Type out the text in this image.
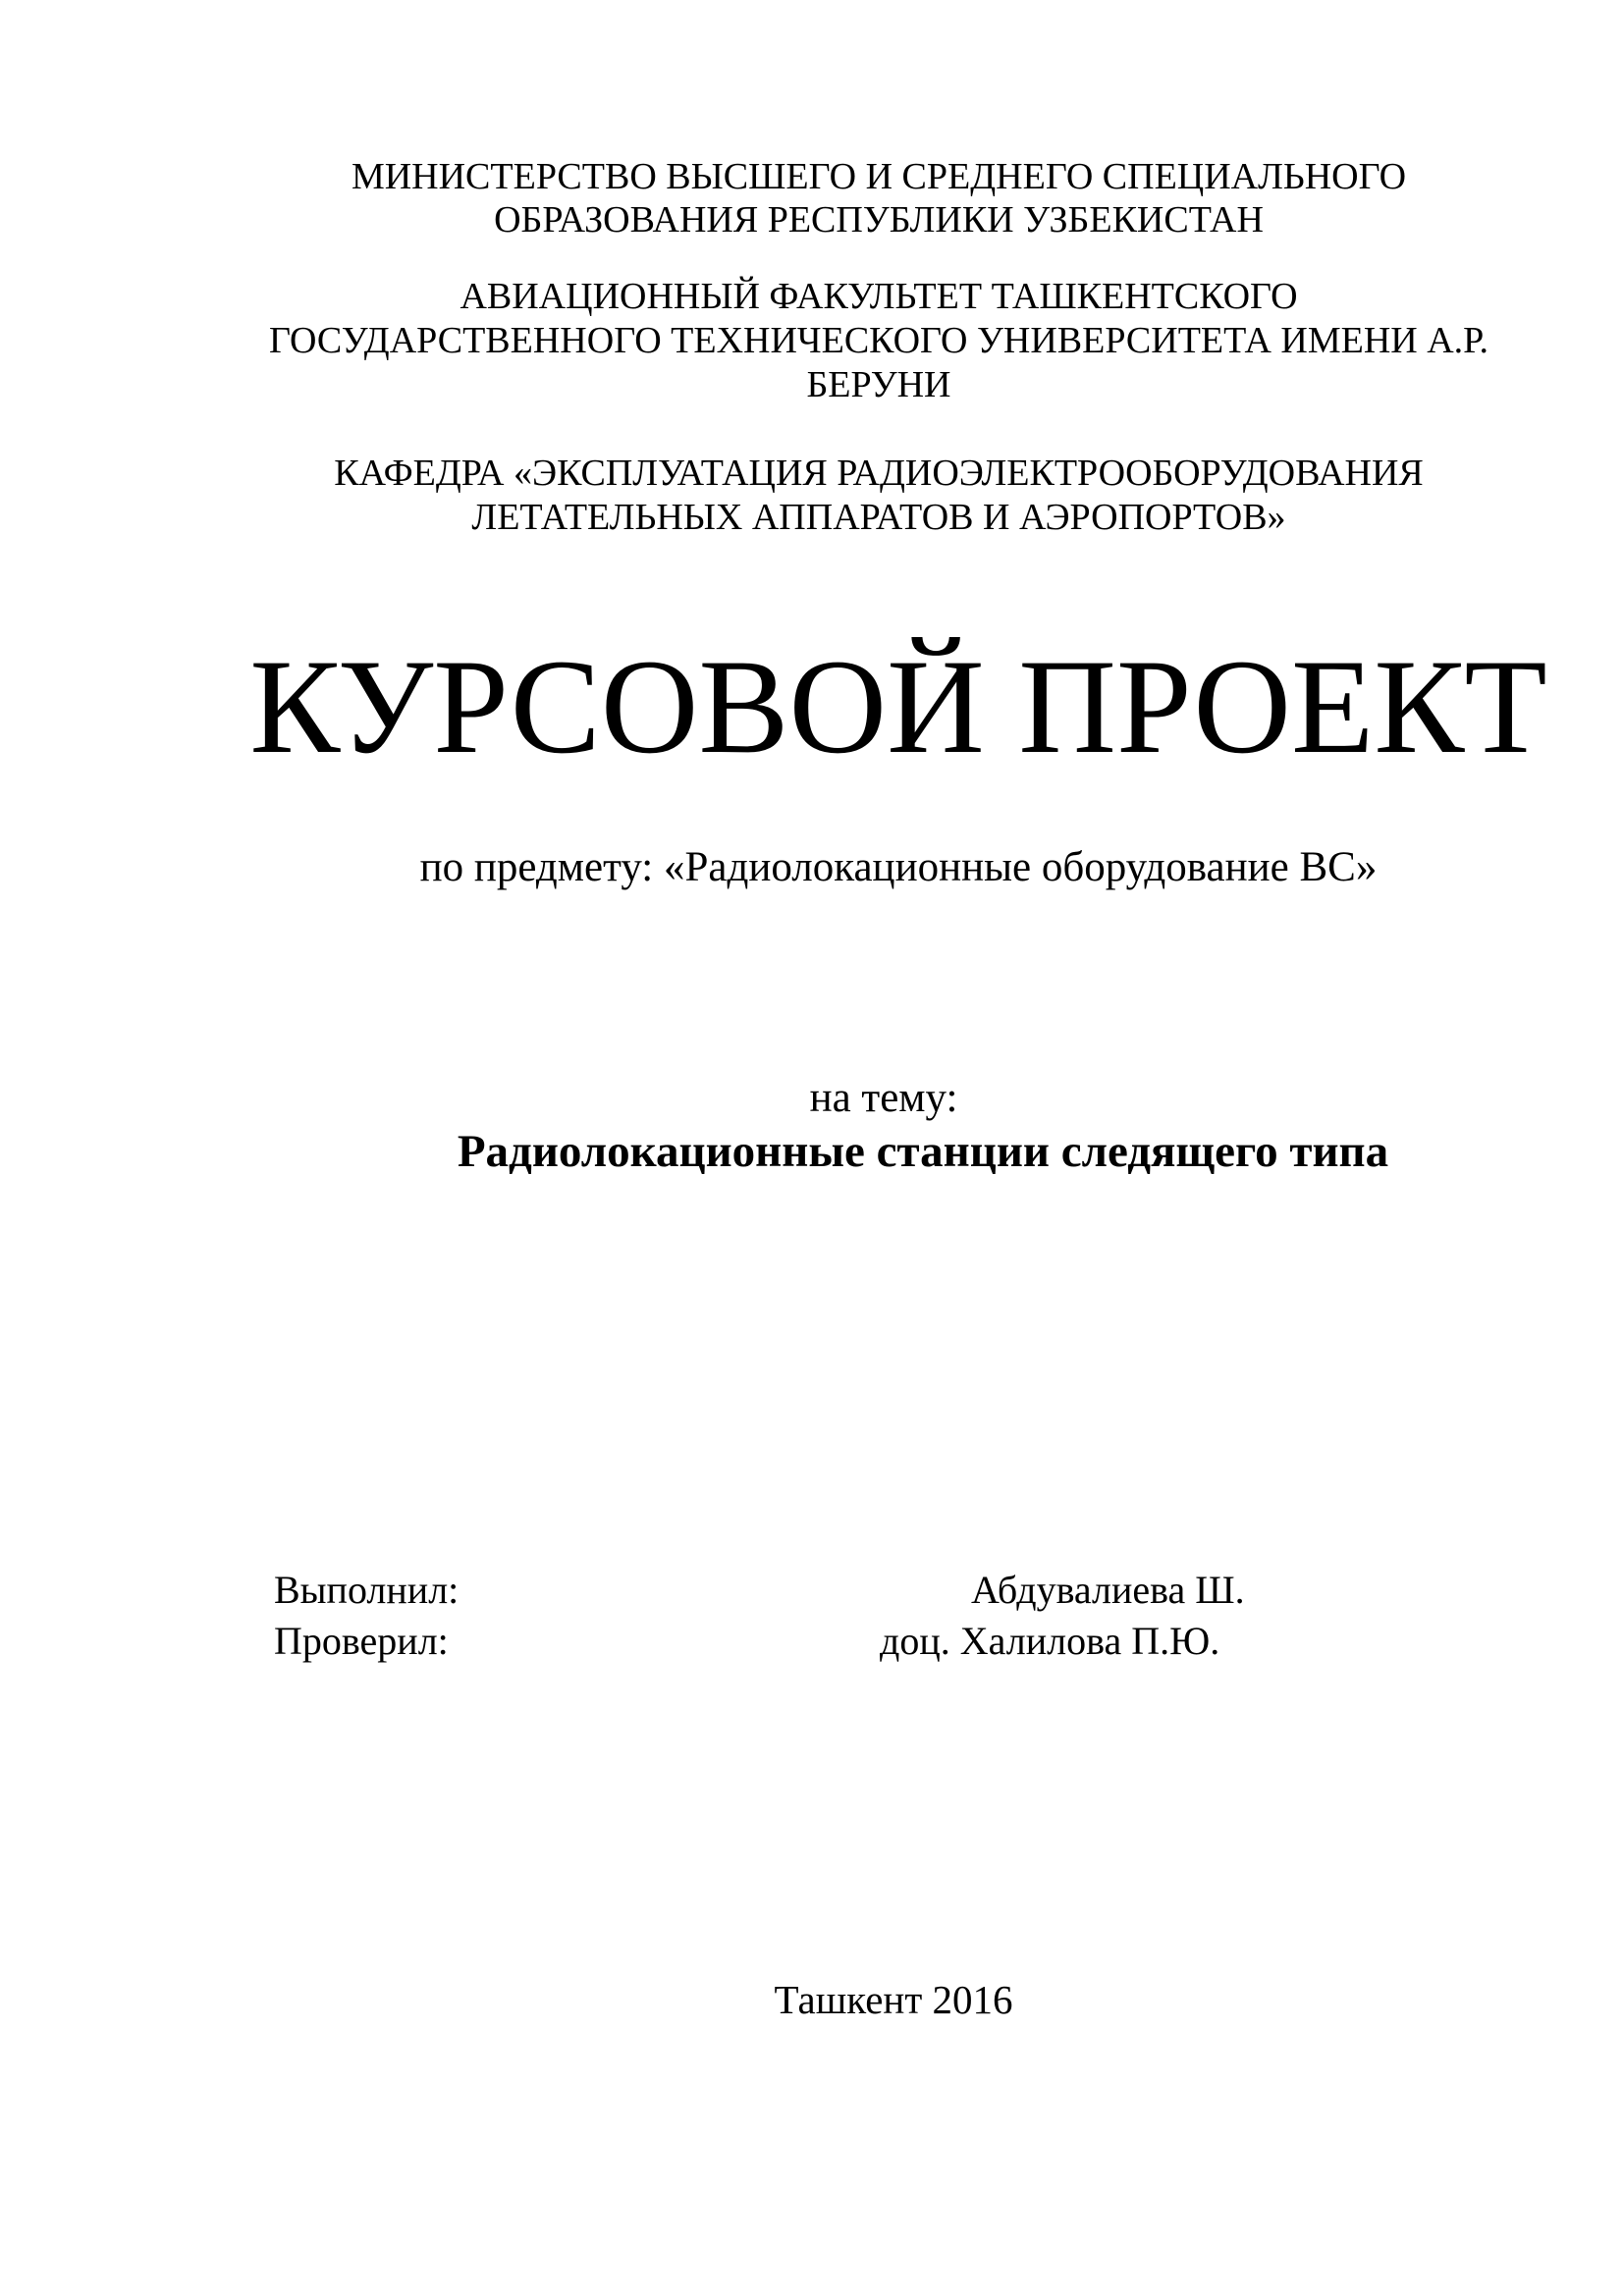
МИНИСТЕРСТВО ВЫСШЕГО И СРЕДНЕГО СПЕЦИАЛЬНОГО
ОБРАЗОВАНИЯ РЕСПУБЛИКИ УЗБЕКИСТАН
АВИАЦИОННЫЙ ФАКУЛЬТЕТ ТАШКЕНТСКОГО
ГОСУДАРСТВЕННОГО ТЕХНИЧЕСКОГО УНИВЕРСИТЕТА ИМЕНИ А.Р.
БЕРУНИ
КАФЕДРА «ЭКСПЛУАТАЦИЯ РАДИОЭЛЕКТРООБОРУДОВАНИЯ
ЛЕТАТЕЛЬНЫХ АППАРАТОВ И АЭРОПОРТОВ»
КУРСОВОЙ ПРОЕКТ
по предмету: «Радиолокационные оборудование ВС»
на тему:
Радиолокационные станции следящего типа
Выполнил:	Абдувалиева Ш.
Проверил:	доц. Халилова П.Ю.
Ташкент 2016
